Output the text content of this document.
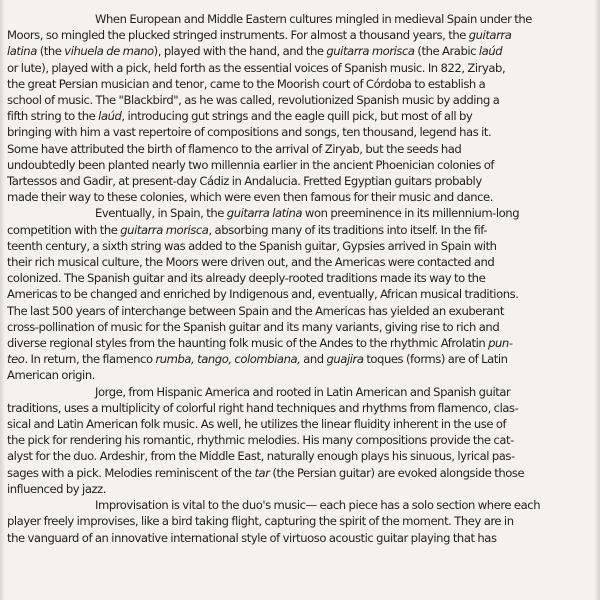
When European and Middle Eastern cultures mingled in medieval Spain under the
Moors, so mingled the plucked stringed instruments. For almost a thousand years, the guitarra
latina (the vihuela de mano), played with the hand, and the guitarra morisca (the Arabic laúd
or lute), played with a pick, held forth as the essential voices of Spanish music. In 822, Ziryab,
the great Persian musician and tenor, came to the Moorish court of Córdoba to establish a
school of music. The "Blackbird", as he was called, revolutionized Spanish music by adding a
fifth string to the laúd, introducing gut strings and the eagle quill pick, but most of all by
bringing with him a vast repertoire of compositions and songs, ten thousand, legend has it.
Some have attributed the birth of flamenco to the arrival of Ziryab, but the seeds had
undoubtedly been planted nearly two millennia earlier in the ancient Phoenician colonies of
Tartessos and Gadir, at present-day Cádiz in Andalucia. Fretted Egyptian guitars probably
made their way to these colonies, which were even then famous for their music and dance.
Eventually, in Spain, the guitarra latina won preeminence in its millennium-long
competition with the guitarra morisca, absorbing many of its traditions into itself. In the fif-
teenth century, a sixth string was added to the Spanish guitar, Gypsies arrived in Spain with
their rich musical culture, the Moors were driven out, and the Americas were contacted and
colonized. The Spanish guitar and its already deeply-rooted traditions made its way to the
Americas to be changed and enriched by Indigenous and, eventually, African musical traditions.
The last 500 years of interchange between Spain and the Americas has yielded an exuberant
cross-pollination of music for the Spanish guitar and its many variants, giving rise to rich and
diverse regional styles from the haunting folk music of the Andes to the rhythmic Afrolatin pun-
teo. In return, the flamenco rumba, tango, colombiana, and guajira toques (forms) are of Latin
American origin.
Jorge, from Hispanic America and rooted in Latin American and Spanish guitar
traditions, uses a multiplicity of colorful right hand techniques and rhythms from flamenco, clas-
sical and Latin American folk music. As well, he utilizes the linear fluidity inherent in the use of
the pick for rendering his romantic, rhythmic melodies. His many compositions provide the cat-
alyst for the duo. Ardeshir, from the Middle East, naturally enough plays his sinuous, lyrical pas-
sages with a pick. Melodies reminiscent of the tar (the Persian guitar) are evoked alongside those
influenced by jazz.
Improvisation is vital to the duo's music— each piece has a solo section where each
player freely improvises, like a bird taking flight, capturing the spirit of the moment. They are in
the vanguard of an innovative international style of virtuoso acoustic guitar playing that has
